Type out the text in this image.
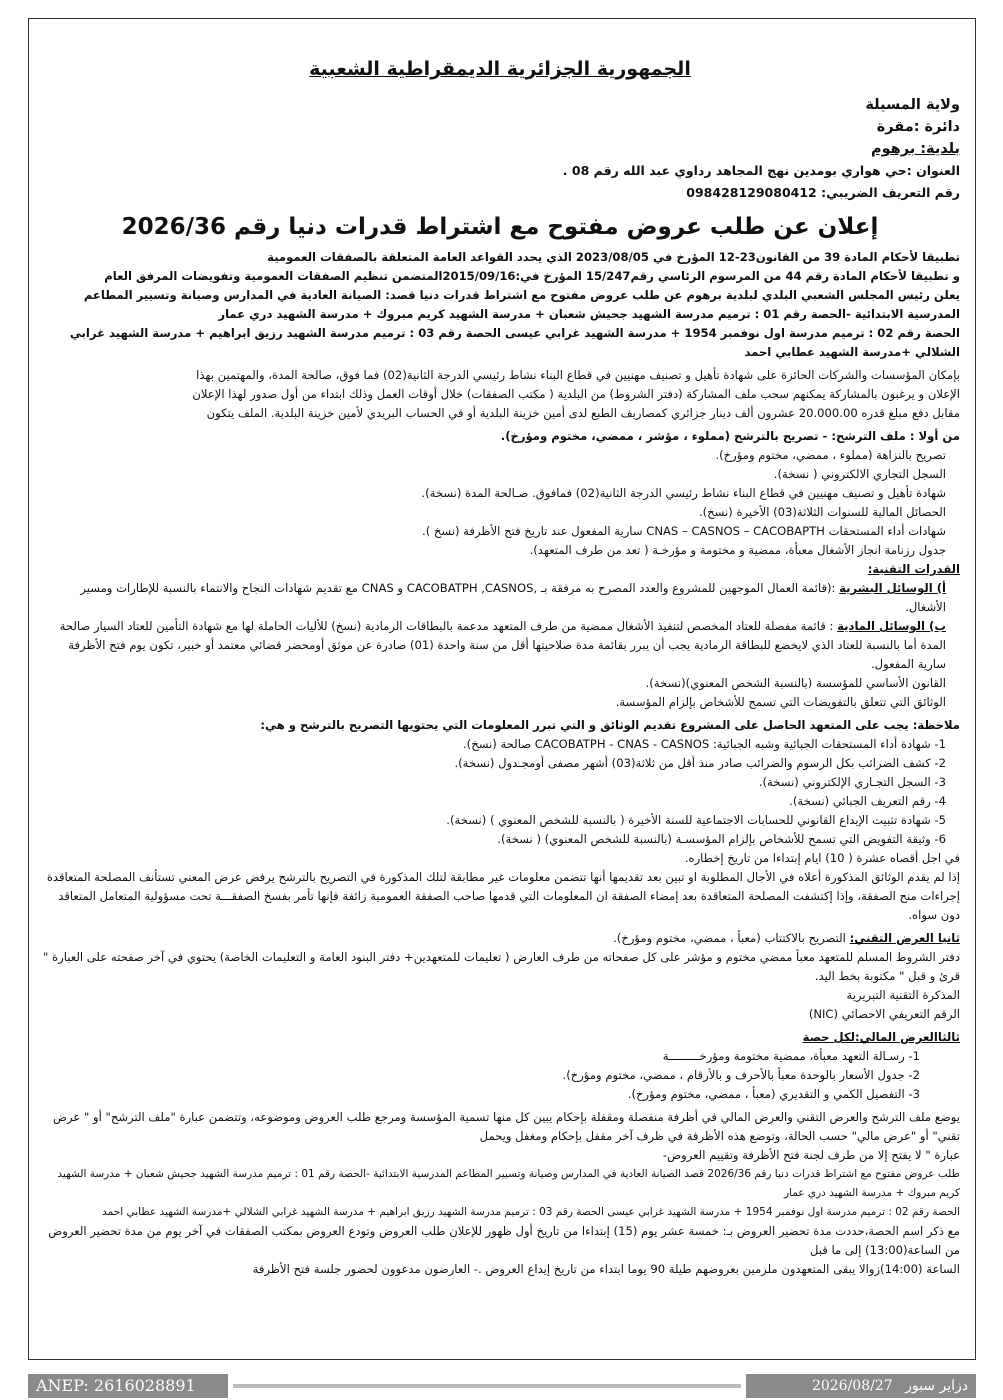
الجمهورية الجزائرية الديمقراطية الشعبية
ولاية المسيلة
دائرة :مقرة
بلدية: برهوم
العنوان :حي هواري بومدين نهج المجاهد رداوي عبد الله رقم 08 .
رقم التعريف الضريبي: 098428129080412
إعلان عن طلب عروض مفتوح مع اشتراط قدرات دنيا رقم 2026/36

تطبيقا لأحكام المادة 39 من القانون23-12 المؤرخ في 2023/08/05 الذي يحدد القواعد العامة المتعلقة بالصفقات العمومية

و تطبيقا لأحكام المادة رقم 44 من المرسوم الرئاسي رقم15/247 المؤرخ في:2015/09/16المتضمن تنظيم الصفقات العمومية وتفويضات المرفق العام

يعلن رئيس المجلس الشعبي البلدي لبلدية برهوم عن طلب عروض مفتوح مع اشتراط قدرات دنيا قصد: الصيانة العادية في المدارس وصيانة وتسيير المطاعم المدرسية الابتدائية -الحصة رقم 01 : ترميم مدرسة الشهيد جحيش شعبان + مدرسة الشهيد كريم مبروك + مدرسة الشهيد دري عمار

الحصة رقم 02 : ترميم مدرسة اول نوفمبر 1954 + مدرسة الشهيد غرابي عيسى الحصة رقم 03 : ترميم مدرسة الشهيد رزيق ابراهيم + مدرسة الشهيد غرابي الشلالي +مدرسة الشهيد عطابي احمد

بإمكان المؤسسات والشركات الحائزة على شهادة تأهيل و تصنيف مهنيين في قطاع البناء نشاط رئيسي الدرجة الثانية(02) فما فوق، صالحة المدة، والمهتمين بهذا

الإعلان و يرغبون بالمشاركة يمكنهم سحب ملف المشاركة (دفتر الشروط) من البلدية ( مكتب الصفقات) خلال أوقات العمل وذلك ابتداء من أول صدور لهذا الإعلان

مقابل دفع مبلغ قدره 20.000.00 عشرون ألف دينار جزائري كمصاريف الطبع لدى أمين خزينة البلدية أو في الحساب البريدي لأمين خزينة البلدية. الملف يتكون

من أولا : ملف الترشح: - تصريح بالترشح (مملوء ، مؤشر ، ممضي، مختوم ومؤرخ).

تصريح بالنزاهة (مملوء ، ممضي، مختوم ومؤرخ).

السجل التجاري الالكتروني ( نسخة).

شهادة تأهيل و تصنيف مهنيين في قطاع البناء نشاط رئيسي الدرجة الثانية(02) فمافوق. صـالحة المدة (نسخة).

الحصائل المالية للسنوات الثلاثة(03) الأخيرة (نسخ).

شهادات أداء المستحقات CNAS – CASNOS – CACOBAPTH سارية المفعول عند تاريخ فتح الأظرفة (نسخ ).

جدول رزنامة انجاز الأشغال معبأة، ممضية و مختومة و مؤرخـة ( تعد من طرف المتعهد).

القدرات التقنية:

أ) الوسائل البشرية :(قائمة العمال الموجهين للمشروع والعدد المصرح به مرفقة بـ ,CACOBATPH ,CASNOS و CNAS مع تقديم شهادات النجاح والانتماء بالنسبة للإطارات ومسير الأشغال.

ب) الوسائل المادية : قائمة مفصلة للعتاد المخصص لتنفيذ الأشغال ممضية من طرف المتعهد مدعمة بالبطاقات الرمادية (نسخ) للأليات الحاملة لها مع شهادة التأمين للعتاد السيار صالحة المدة أما بالنسبة للعتاد الذي لايخضع للبطاقة الرمادية يجب أن يبرر بقائمة مدة صلاحيتها أقل من سنة واحدة (01) صادرة عن موثق أومحضر قضائي معتمد أو خبير، تكون يوم فتح الأظرفة سارية المفعول.

القانون الأساسي للمؤسسة (بالنسبة الشخص المعنوي)(نسخة).

الوثائق التي تتعلق بالتفويضات التي تسمح للأشخاص بإلزام المؤسسة.

ملاحظة: يجب على المتعهد الحاصل على المشروع تقديم الوثائق و التي تبرر المعلومات التي يحتويها التصريح بالترشح و هي:

1- شهادة أداء المستحقات الجبائية وشبه الجبائية: CACOBATPH - CNAS - CASNOS صالحة (نسخ).

2- كشف الضرائب بكل الرسوم والضرائب صادر منذ أقل من ثلاثة(03) أشهر مصفى أومجـدول (نسخة).

3- السجل التجـاري الإلكتروني (نسخة).

4- رقم التعريف الجبائي (نسخة).

5- شهادة تثبيت الإيداع القانوني للحسابات الاجتماعية للسنة الأخيرة ( بالنسبة للشخص المعنوي ) (نسخة).

6- وثيقة التفويض التي تسمح للأشخاص بإلزام المؤسسـة (بالنسبة للشخص المعنوي) ( نسخة).

في اجل أقصاه عشرة ( 10) ايام إبتداءا من تاريخ إخطاره.

إذا لم يقدم الوثائق المذكورة أعلاه في الأجال المطلوبة او تبين بعد تقديمها أنها تتضمن معلومات غير مطابقة لتلك المذكورة في التصريح بالترشح يرفض عرض المعني تستأنف المصلحة المتعاقدة إجراءات منح الصفقة، وإذا إكتشفت المصلحة المتعاقدة بعد إمضاء الصفقة ان المعلومات التي قدمها صاحب الصفقة العمومية زائفة فإنها تأمر بفسخ الصفقـــة تحت مسؤولية المتعامل المتعاقد دون سواه.

ثانيا العرض التقني: التصريح بالاكتتاب (معبأ ، ممضي، مختوم ومؤرخ).

دفتر الشروط المسلم للمتعهد معبأ ممضي مختوم و مؤشر على كل صفحاته من طرف العارض ( تعليمات للمتعهدين+ دفتر البنود العامة و التعليمات الخاصة) يحتوي في آخر صفحته على العبارة " قرئ و قبل " مكتوبة بخط اليد.

المذكرة التقنية التبريرية

الرقم التعريفي الاحصائي (NIC)

ثالثاالعرض المالي:لكل حصة

1- رسـالة التعهد معبأة، ممضية مختومة ومؤرخـــــــــة

2- جدول الأسعار بالوحدة معبأ بالأحرف و بالأرقام ، ممضي، مختوم ومؤرخ).

3- التفصيل الكمي و التقديري (معبأ ، ممضي، مختوم ومؤرخ).

يوضع ملف الترشح والعرض التقني والعرض المالي في أظرفة منفصلة ومقفلة بإحكام يبين كل منها تسمية المؤسسة ومرجع طلب العروض وموضوعه، وتتضمن عبارة "ملف الترشح" أو " عرض تقني" أو "عرض مالي" حسب الحالة، وتوضع هذه الأظرفة في ظرف آخر مقفل بإحكام ومغفل ويحمل

عبارة " لا يفتح إلا من طرف لجنة فتح الأظرفة وتقييم العروض-

طلب عروض مفتوح مع اشتراط قدرات دنيا رقم 2026/36 قصد الصيانة العادية في المدارس وصيانة وتسيير المطاعم المدرسية الابتدائية -الحصة رقم 01 : ترميم مدرسة الشهيد جحيش شعبان + مدرسة الشهيد كريم مبروك + مدرسة الشهيد دري عمار

الحصة رقم 02 : ترميم مدرسة اول نوفمبر 1954 + مدرسة الشهيد غرابي عيسى الحصة رقم 03 : ترميم مدرسة الشهيد رزيق ابراهيم + مدرسة الشهيد غرابي الشلالي +مدرسة الشهيد عطابي احمد

مع ذكر اسم الحصة،حددت مدة تحضير العروض بـ: خمسة عشر يوم (15) إبتداءا من تاريخ أول ظهور للإعلان طلب العروض وتودع العروض بمكتب الصفقات في آخر يوم من مدة تحضير العروض من الساعة(13:00) إلى ما قبل

الساعة (14:00)زوالا يبقى المتعهدون ملزمين بعروضهم طيلة 90 يوما ابتداء من تاريخ إيداع العروض .- العارضون مدعوون لحضور جلسة فتح الأظرفة

ANEP: 2616028891	دزاير سبور 2026/08/27
